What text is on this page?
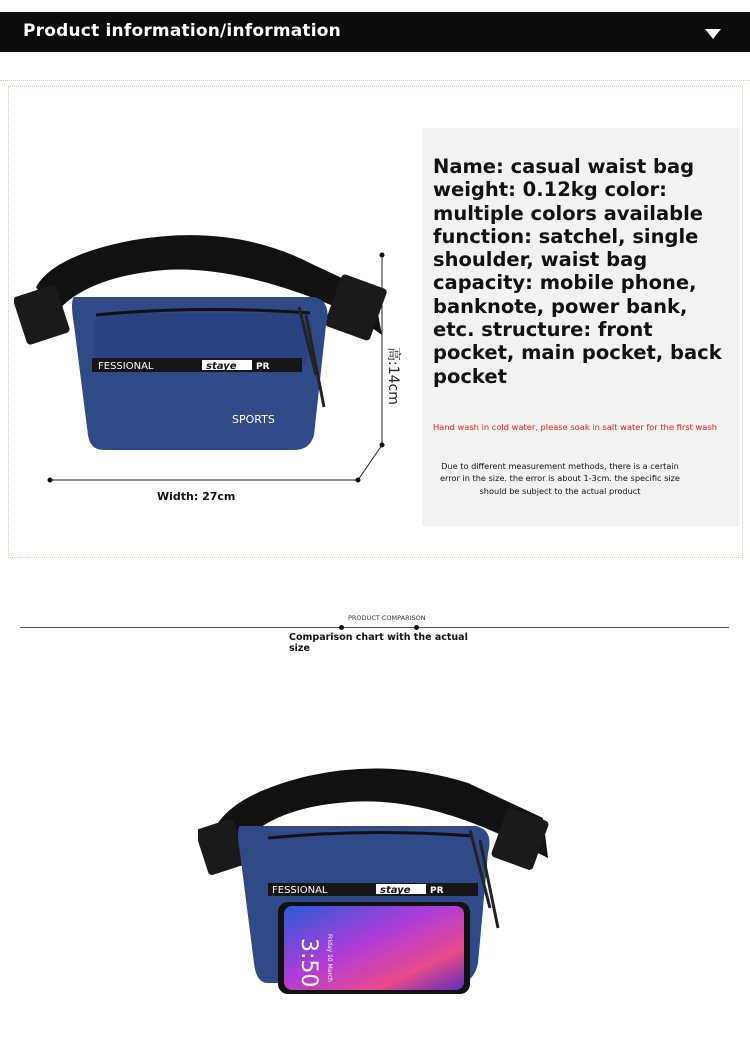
Product information/information
FESSIONAL	staye PR
SPORTS
Width: 27cm
高:14cm
Name: casual waist bag weight: 0.12kg color: multiple colors available function: satchel, single shoulder, waist bag capacity: mobile phone, banknote, power bank, etc. structure: front pocket, main pocket, back pocket
Hand wash in cold water, please soak in salt water for the first wash
Due to different measurement methods, there is a certain error in the size. the error is about 1-3cm. the specific size should be subject to the actual product
PRODUCT COMPARISON
Comparison chart with the actual size
FESSIONAL	staye PR
3:50 Friday 10 March
